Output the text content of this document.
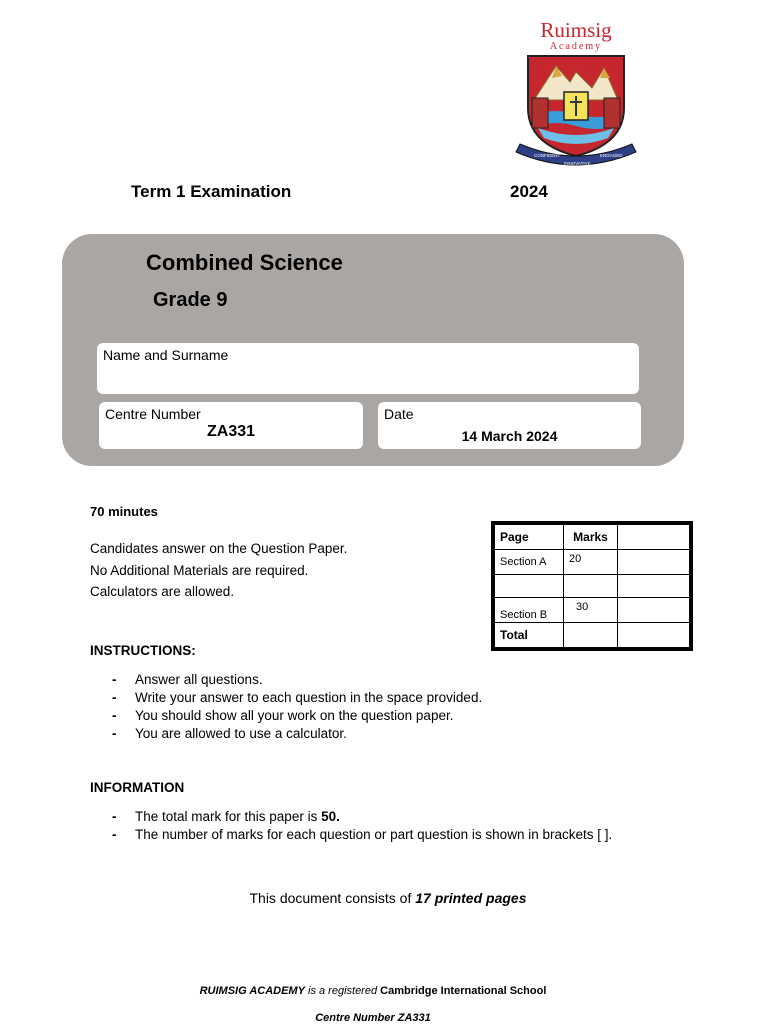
Ruimsig
Academy
CONFIDENT
INNOVATIVE
ENGAGED
Term 1 Examination	2024
Combined Science
Grade 9
Name and Surname
Centre Number
ZA331
Date
14 March 2024
70 minutes
Candidates answer on the Question Paper.
No Additional Materials are required.
Calculators are allowed.
Page	Marks	
Section A	20	

Section B	30	
Total		
INSTRUCTIONS:
- Answer all questions.
- Write your answer to each question in the space provided.
- You should show all your work on the question paper.
- You are allowed to use a calculator.
INFORMATION
- The total mark for this paper is 50.
- The number of marks for each question or part question is shown in brackets [ ].
This document consists of 17 printed pages
RUIMSIG ACADEMY is a registered Cambridge International School
Centre Number ZA331
